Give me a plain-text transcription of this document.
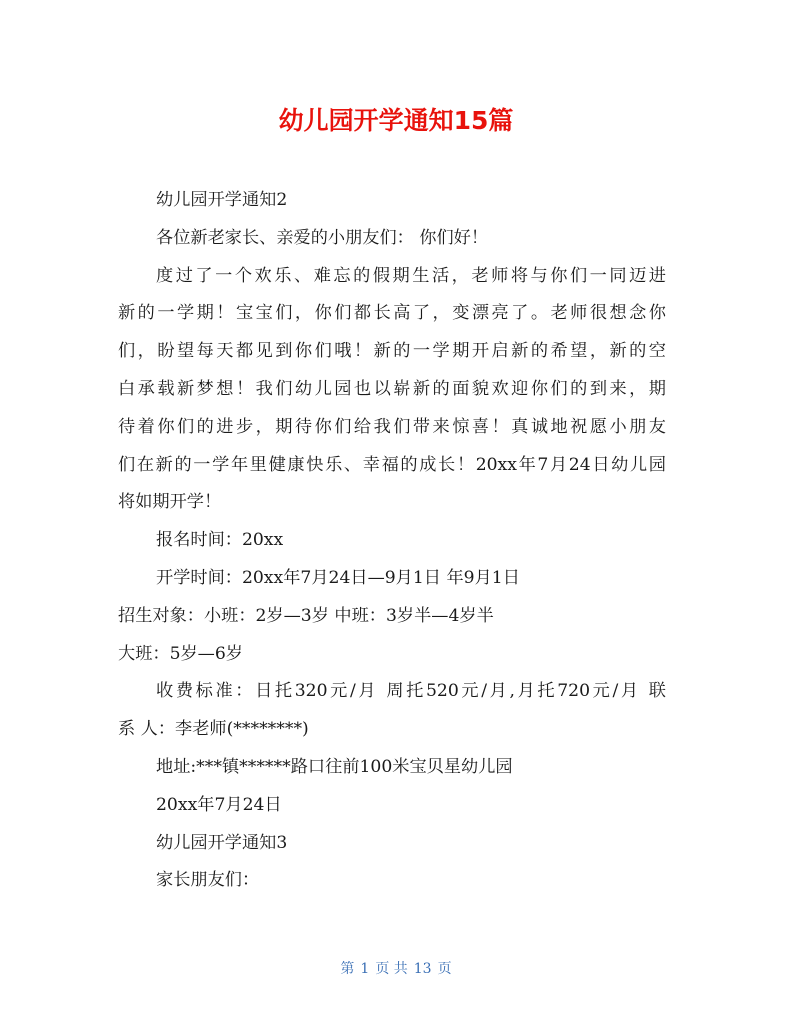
幼儿园开学通知15篇
幼儿园开学通知2
各位新老家长、亲爱的小朋友们： 你们好！
度过了一个欢乐、难忘的假期生活，老师将与你们一同迈进
新的一学期！宝宝们，你们都长高了，变漂亮了。老师很想念你
们，盼望每天都见到你们哦！新的一学期开启新的希望，新的空
白承载新梦想！我们幼儿园也以崭新的面貌欢迎你们的到来，期
待着你们的进步，期待你们给我们带来惊喜！真诚地祝愿小朋友
们在新的一学年里健康快乐、幸福的成长！20xx年7月24日幼儿园
将如期开学！
报名时间：20xx
开学时间：20xx年7月24日—9月1日 年9月1日
招生对象：小班：2岁—3岁 中班：3岁半—4岁半
大班：5岁—6岁
收费标准：日托320元/月 周托520元/月,月托720元/月 联
系 人：李老师(********)
地址:***镇******路口往前100米宝贝星幼儿园
20xx年7月24日
幼儿园开学通知3
家长朋友们：
第 1 页 共 13 页
